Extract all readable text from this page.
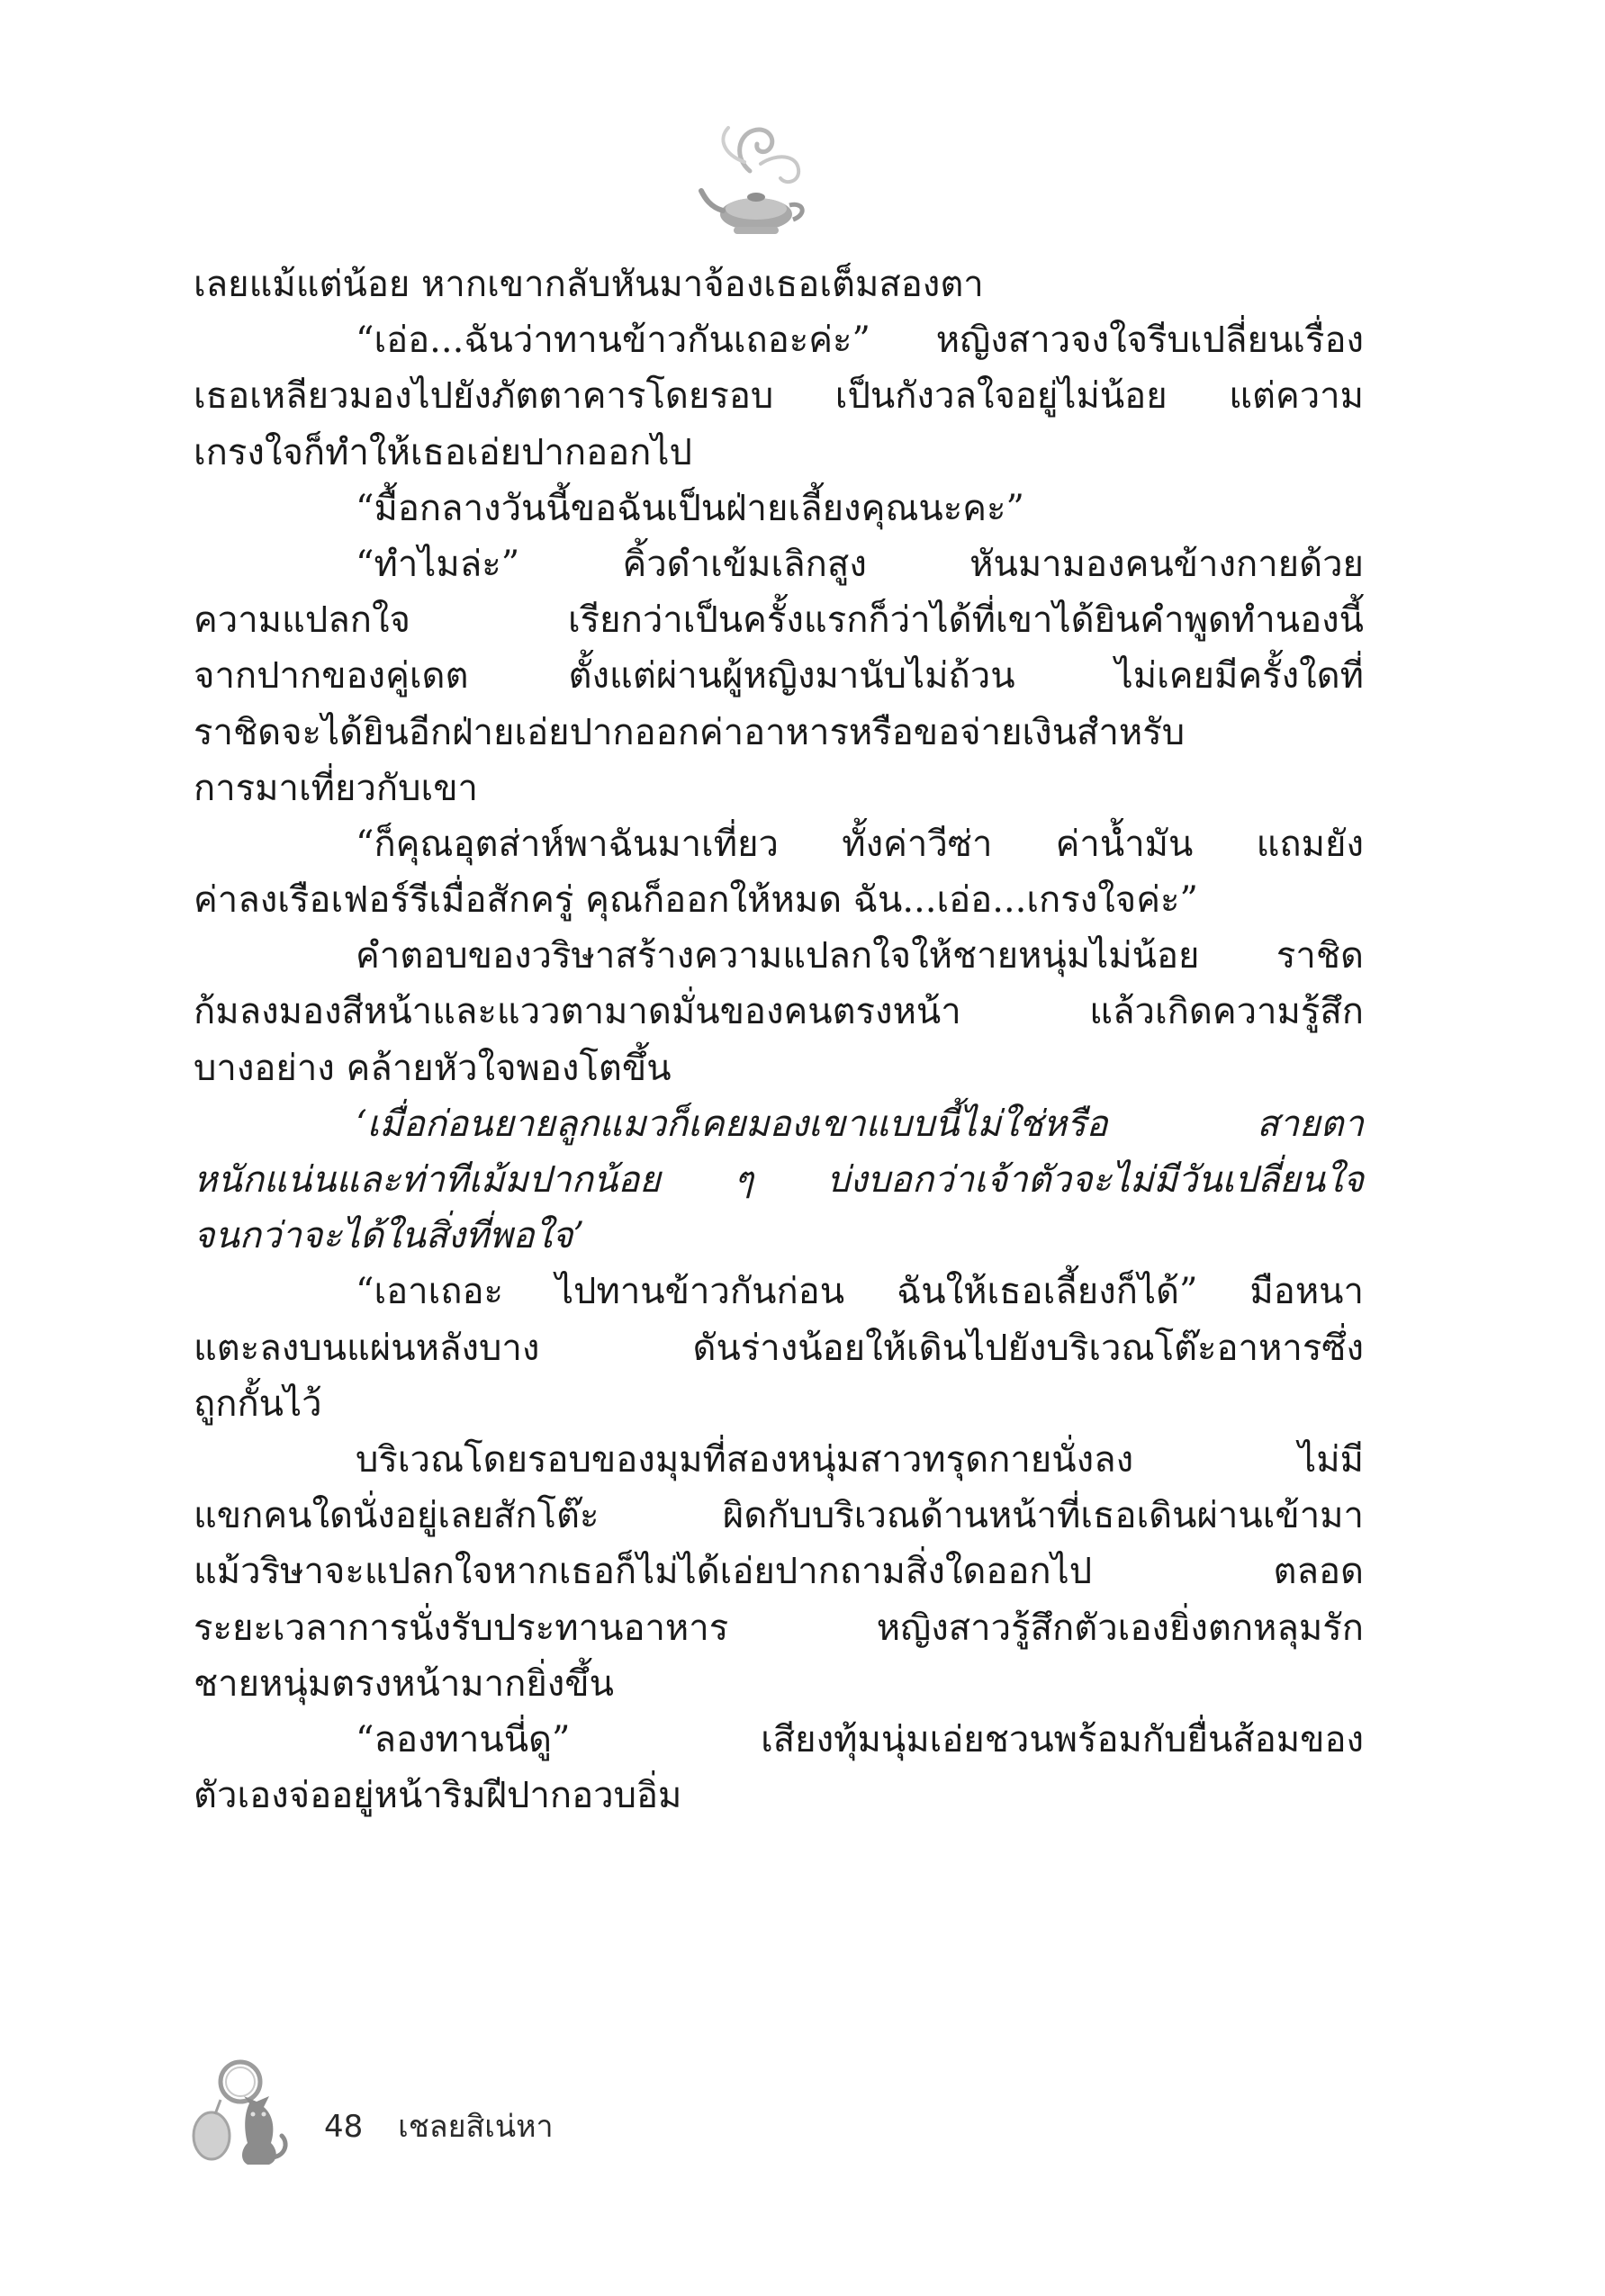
เลยแม้แต่น้อย หากเขากลับหันมาจ้องเธอเต็มสองตา
“เอ่อ...ฉันว่าทานข้าวกันเถอะค่ะ” หญิงสาวจงใจรีบเปลี่ยนเรื่อง
เธอเหลียวมองไปยังภัตตาคารโดยรอบ เป็นกังวลใจอยู่ไม่น้อย แต่ความ
เกรงใจก็ทำให้เธอเอ่ยปากออกไป
“มื้อกลางวันนี้ขอฉันเป็นฝ่ายเลี้ยงคุณนะคะ”
“ทำไมล่ะ” คิ้วดำเข้มเลิกสูง หันมามองคนข้างกายด้วย
ความแปลกใจ เรียกว่าเป็นครั้งแรกก็ว่าได้ที่เขาได้ยินคำพูดทำนองนี้
จากปากของคู่เดต ตั้งแต่ผ่านผู้หญิงมานับไม่ถ้วน ไม่เคยมีครั้งใดที่
ราชิดจะได้ยินอีกฝ่ายเอ่ยปากออกค่าอาหารหรือขอจ่ายเงินสำหรับ
การมาเที่ยวกับเขา
“ก็คุณอุตส่าห์พาฉันมาเที่ยว ทั้งค่าวีซ่า ค่าน้ำมัน แถมยัง
ค่าลงเรือเฟอร์รีเมื่อสักครู่ คุณก็ออกให้หมด ฉัน...เอ่อ...เกรงใจค่ะ”
คำตอบของวริษาสร้างความแปลกใจให้ชายหนุ่มไม่น้อย ราชิด
ก้มลงมองสีหน้าและแววตามาดมั่นของคนตรงหน้า แล้วเกิดความรู้สึก
บางอย่าง คล้ายหัวใจพองโตขึ้น
‘เมื่อก่อนยายลูกแมวก็เคยมองเขาแบบนี้ไม่ใช่หรือ สายตา
หนักแน่นและท่าทีเม้มปากน้อย ๆ บ่งบอกว่าเจ้าตัวจะไม่มีวันเปลี่ยนใจ
จนกว่าจะได้ในสิ่งที่พอใจ’
“เอาเถอะ ไปทานข้าวกันก่อน ฉันให้เธอเลี้ยงก็ได้” มือหนา
แตะลงบนแผ่นหลังบาง ดันร่างน้อยให้เดินไปยังบริเวณโต๊ะอาหารซึ่ง
ถูกกั้นไว้
บริเวณโดยรอบของมุมที่สองหนุ่มสาวทรุดกายนั่งลง ไม่มี
แขกคนใดนั่งอยู่เลยสักโต๊ะ ผิดกับบริเวณด้านหน้าที่เธอเดินผ่านเข้ามา
แม้วริษาจะแปลกใจหากเธอก็ไม่ได้เอ่ยปากถามสิ่งใดออกไป ตลอด
ระยะเวลาการนั่งรับประทานอาหาร หญิงสาวรู้สึกตัวเองยิ่งตกหลุมรัก
ชายหนุ่มตรงหน้ามากยิ่งขึ้น
“ลองทานนี่ดู” เสียงทุ้มนุ่มเอ่ยชวนพร้อมกับยื่นส้อมของ
ตัวเองจ่ออยู่หน้าริมฝีปากอวบอิ่ม
48 เชลยสิเน่หา
